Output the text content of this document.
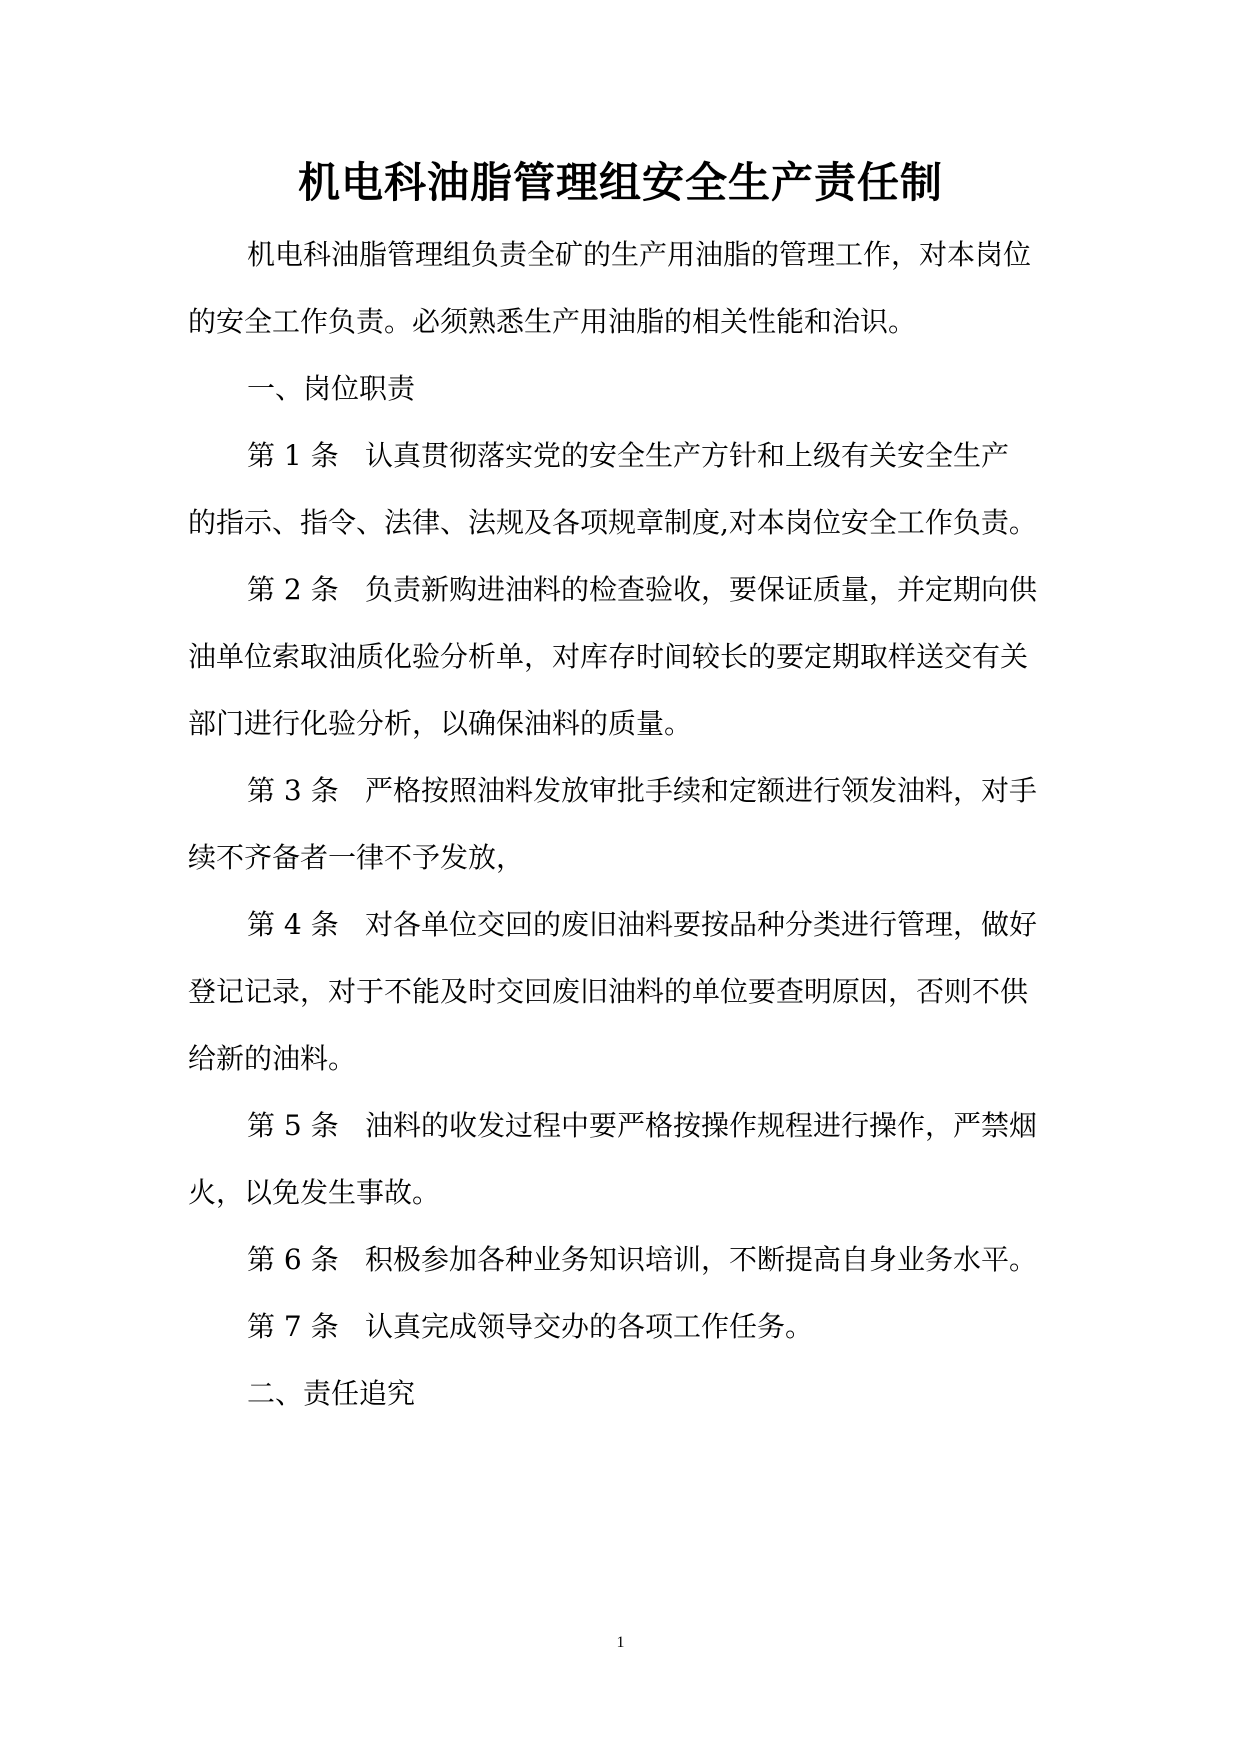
机电科油脂管理组安全生产责任制
机电科油脂管理组负责全矿的生产用油脂的管理工作，对本岗位
的安全工作负责。必须熟悉生产用油脂的相关性能和治识。
一、岗位职责
第 1 条 认真贯彻落实党的安全生产方针和上级有关安全生产
的指示、指令、法律、法规及各项规章制度,对本岗位安全工作负责。
第 2 条 负责新购进油料的检查验收，要保证质量，并定期向供
油单位索取油质化验分析单，对库存时间较长的要定期取样送交有关
部门进行化验分析，以确保油料的质量。
第 3 条 严格按照油料发放审批手续和定额进行领发油料，对手
续不齐备者一律不予发放，
第 4 条 对各单位交回的废旧油料要按品种分类进行管理，做好
登记记录，对于不能及时交回废旧油料的单位要查明原因，否则不供
给新的油料。
第 5 条 油料的收发过程中要严格按操作规程进行操作，严禁烟
火，以免发生事故。
第 6 条 积极参加各种业务知识培训，不断提高自身业务水平。
第 7 条 认真完成领导交办的各项工作任务。
二、责任追究
1
